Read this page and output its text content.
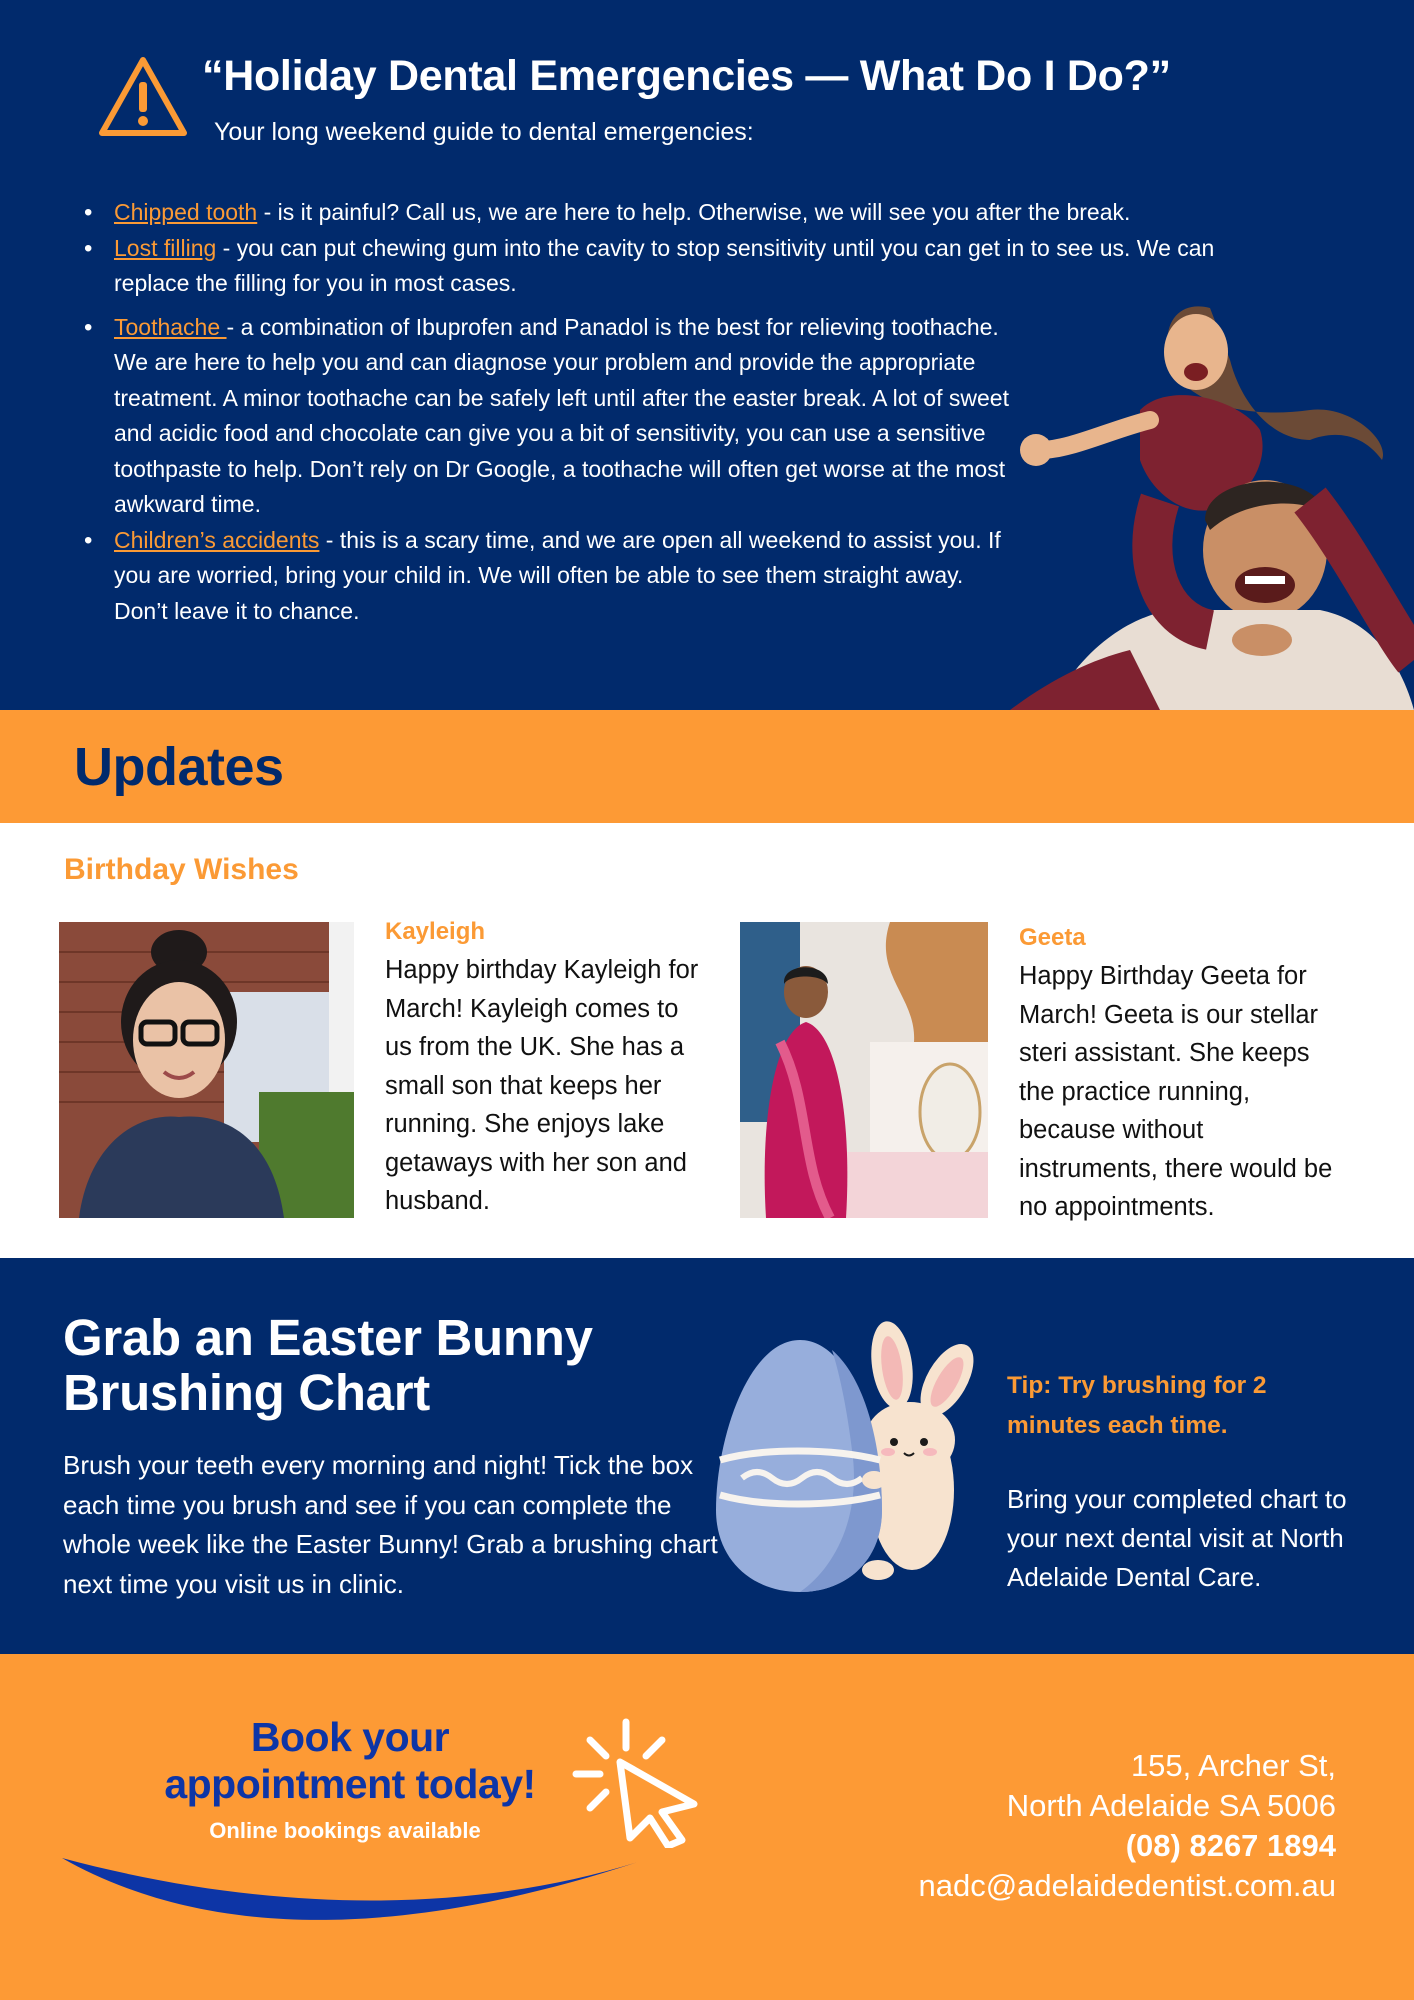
“Holiday Dental Emergencies — What Do I Do?”
Your long weekend guide to dental emergencies:
• Chipped tooth - is it painful? Call us, we are here to help. Otherwise, we will see you after the break.
• Lost filling - you can put chewing gum into the cavity to stop sensitivity until you can get in to see us. We can replace the filling for you in most cases.
• Toothache - a combination of Ibuprofen and Panadol is the best for relieving toothache. We are here to help you and can diagnose your problem and provide the appropriate treatment. A minor toothache can be safely left until after the easter break. A lot of sweet and acidic food and chocolate can give you a bit of sensitivity, you can use a sensitive toothpaste to help. Don’t rely on Dr Google, a toothache will often get worse at the most awkward time.
• Children’s accidents - this is a scary time, and we are open all weekend to assist you. If you are worried, bring your child in. We will often be able to see them straight away. Don’t leave it to chance.
Updates
Birthday Wishes
Kayleigh

Happy birthday Kayleigh for March! Kayleigh comes to us from the UK. She has a small son that keeps her running. She enjoys lake getaways with her son and husband.

Geeta

Happy Birthday Geeta for March! Geeta is our stellar steri assistant. She keeps the practice running, because without instruments, there would be no appointments.

Grab an Easter Bunny Brushing Chart

Brush your teeth every morning and night! Tick the box each time you brush and see if you can complete the whole week like the Easter Bunny! Grab a brushing chart next time you visit us in clinic.

Tip: Try brushing for 2 minutes each time.

Bring your completed chart to your next dental visit at North Adelaide Dental Care.

Book your
appointment today!
Online bookings available
155, Archer St,
North Adelaide SA 5006
(08) 8267 1894
nadc@adelaidedentist.com.au
